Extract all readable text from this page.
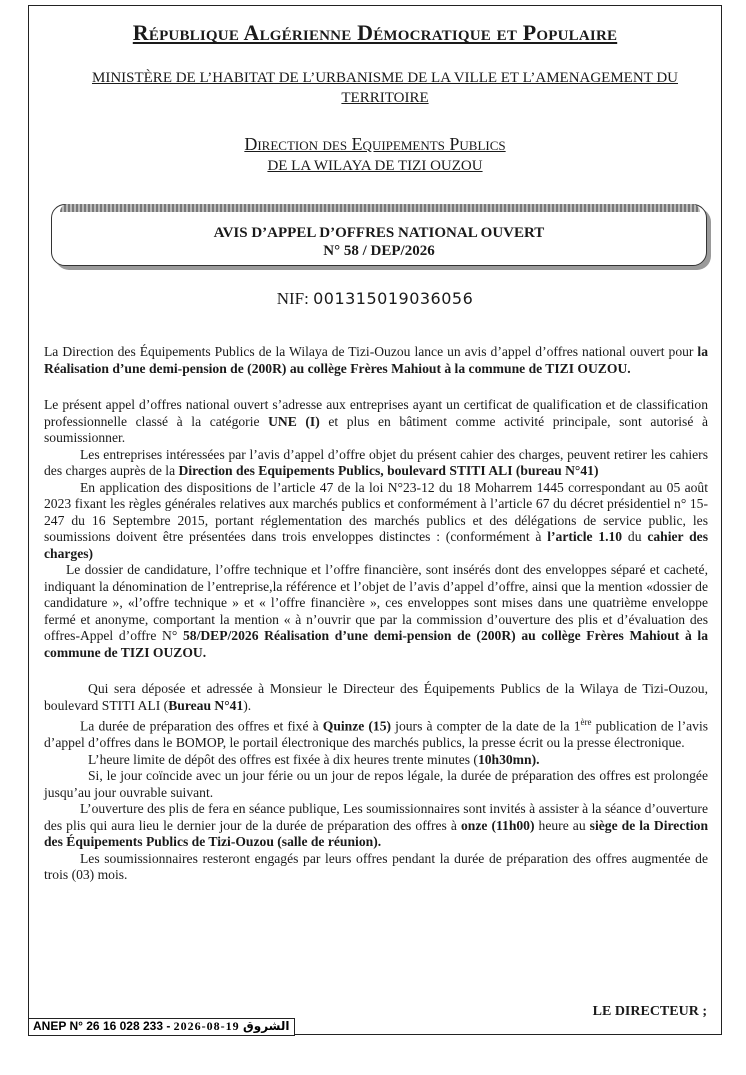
République Algérienne Démocratique et Populaire
MINISTÈRE DE L’HABITAT DE L’URBANISME DE LA VILLE ET L’AMENAGEMENT DU TERRITOIRE
Direction des Equipements Publics
DE LA WILAYA DE TIZI OUZOU
AVIS D’APPEL D’OFFRES NATIONAL OUVERT
N° 58 / DEP/2026
NIF: 001315019036056

La Direction des Équipements Publics de la Wilaya de Tizi-Ouzou lance un avis d’appel d’offres national ouvert pour la Réalisation d’une demi-pension de (200R) au collège Frères Mahiout à la commune de TIZI OUZOU.

Le présent appel d’offres national ouvert s’adresse aux entreprises ayant un certificat de qualification et de classification professionnelle classé à la catégorie UNE (I) et plus en bâtiment comme activité principale, sont autorisé à soumissionner.

Les entreprises intéressées par l’avis d’appel d’offre objet du présent cahier des charges, peuvent retirer les cahiers des charges auprès de la Direction des Equipements Publics, boulevard STITI ALI (bureau N°41)

En application des dispositions de l’article 47 de la loi N°23-12 du 18 Moharrem 1445 correspondant au 05 août 2023 fixant les règles générales relatives aux marchés publics et conformément à l’article 67 du décret présidentiel n° 15-247 du 16 Septembre 2015, portant réglementation des marchés publics et des délégations de service public, les soumissions doivent être présentées dans trois enveloppes distinctes : (conformément à l’article 1.10 du cahier des charges)

Le dossier de candidature, l’offre technique et l’offre financière, sont insérés dont des enveloppes séparé et cacheté, indiquant la dénomination de l’entreprise,la référence et l’objet de l’avis d’appel d’offre, ainsi que la mention «dossier de candidature », «l’offre technique » et « l’offre financière », ces enveloppes sont mises dans une quatrième enveloppe fermé et anonyme, comportant la mention « à n’ouvrir que par la commission d’ouverture des plis et d’évaluation des offres-Appel d’offre N° 58/DEP/2026 Réalisation d’une demi-pension de (200R) au collège Frères Mahiout à la commune de TIZI OUZOU.

Qui sera déposée et adressée à Monsieur le Directeur des Équipements Publics de la Wilaya de Tizi-Ouzou, boulevard STITI ALI (Bureau N°41).

La durée de préparation des offres et fixé à Quinze (15) jours à compter de la date de la 1ère publication de l’avis d’appel d’offres dans le BOMOP, le portail électronique des marchés publics, la presse écrit ou la presse électronique.

L’heure limite de dépôt des offres est fixée à dix heures trente minutes (10h30mn).

Si, le jour coïncide avec un jour férie ou un jour de repos légale, la durée de préparation des offres est prolongée jusqu’au jour ouvrable suivant.

L’ouverture des plis de fera en séance publique, Les soumissionnaires sont invités à assister à la séance d’ouverture des plis qui aura lieu le dernier jour de la durée de préparation des offres à onze (11h00) heure au siège de la Direction des Équipements Publics de Tizi-Ouzou (salle de réunion).

Les soumissionnaires resteront engagés par leurs offres pendant la durée de préparation des offres augmentée de trois (03) mois.

LE DIRECTEUR ;
ANEP N° 26 16 028 233 - 2026-08-19 الشروق
